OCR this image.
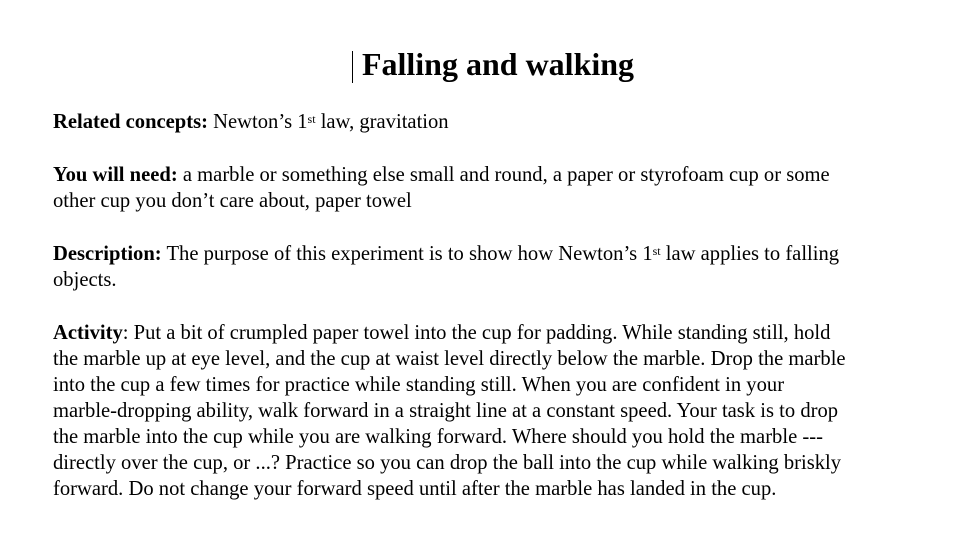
Falling and walking

Related concepts: Newton’s 1st law, gravitation

You will need: a marble or something else small and round, a paper or styrofoam cup or some
other cup you don’t care about, paper towel

Description: The purpose of this experiment is to show how Newton’s 1st law applies to falling
objects.

Activity: Put a bit of crumpled paper towel into the cup for padding. While standing still, hold
the marble up at eye level, and the cup at waist level directly below the marble. Drop the marble
into the cup a few times for practice while standing still. When you are confident in your
marble-dropping ability, walk forward in a straight line at a constant speed. Your task is to drop
the marble into the cup while you are walking forward. Where should you hold the marble ---
directly over the cup, or ...? Practice so you can drop the ball into the cup while walking briskly
forward. Do not change your forward speed until after the marble has landed in the cup.
